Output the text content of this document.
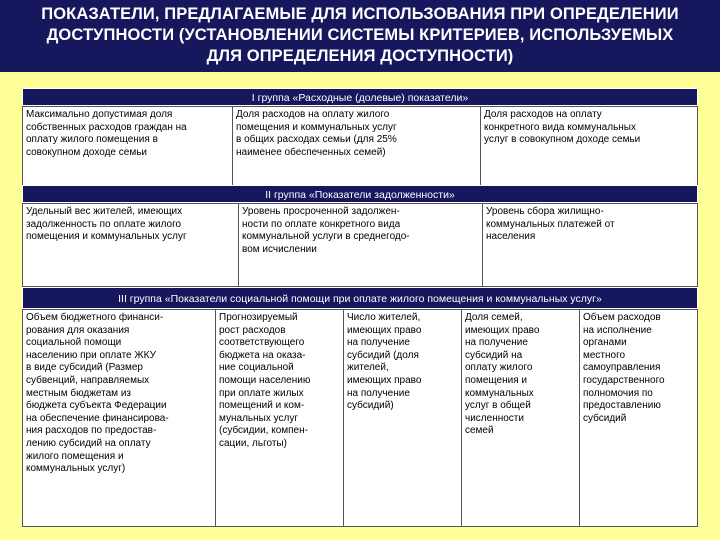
ПОКАЗАТЕЛИ, ПРЕДЛАГАЕМЫЕ ДЛЯ ИСПОЛЬЗОВАНИЯ ПРИ ОПРЕДЕЛЕНИИ
ДОСТУПНОСТИ (УСТАНОВЛЕНИИ СИСТЕМЫ КРИТЕРИЕВ, ИСПОЛЬЗУЕМЫХ
ДЛЯ ОПРЕДЕЛЕНИЯ ДОСТУПНОСТИ)
I группа «Расходные (долевые) показатели»
Максимально допустимая доля
собственных расходов граждан на
оплату жилого помещения в
совокупном доходе семьи
Доля расходов на оплату жилого
помещения и коммунальных услуг
в общих расходах семьи (для 25%
наименее обеспеченных семей)
Доля расходов на оплату
конкретного вида коммунальных
услуг в совокупном доходе семьи
II группа «Показатели задолженности»
Удельный вес жителей, имеющих
задолженность по оплате жилого
помещения и коммунальных услуг
Уровень просроченной задолжен-
ности по оплате конкретного вида
коммунальной услуги в среднегодо-
вом исчислении
Уровень сбора жилищно-
коммунальных платежей от
населения
III группа «Показатели социальной помощи при оплате жилого помещения и коммунальных услуг»
Объем бюджетного финанси-
рования для оказания
социальной помощи
населению при оплате ЖКУ
в виде субсидий (Размер
субвенций, направляемых
местным бюджетам из
бюджета субъекта Федерации
на обеспечение финансирова-
ния расходов по предостав-
лению субсидий на оплату
жилого помещения и
коммунальных услуг)
Прогнозируемый
рост расходов
соответствующего
бюджета на оказа-
ние социальной
помощи населению
при оплате жилых
помещений и ком-
мунальных услуг
(субсидии, компен-
сации, льготы)
Число жителей,
имеющих право
на получение
субсидий (доля
жителей,
имеющих право
на получение
субсидий)
Доля семей,
имеющих право
на получение
субсидий на
оплату жилого
помещения и
коммунальных
услуг в общей
численности
семей
Объем расходов
на исполнение
органами
местного
самоуправления
государственного
полномочия по
предоставлению
субсидий
